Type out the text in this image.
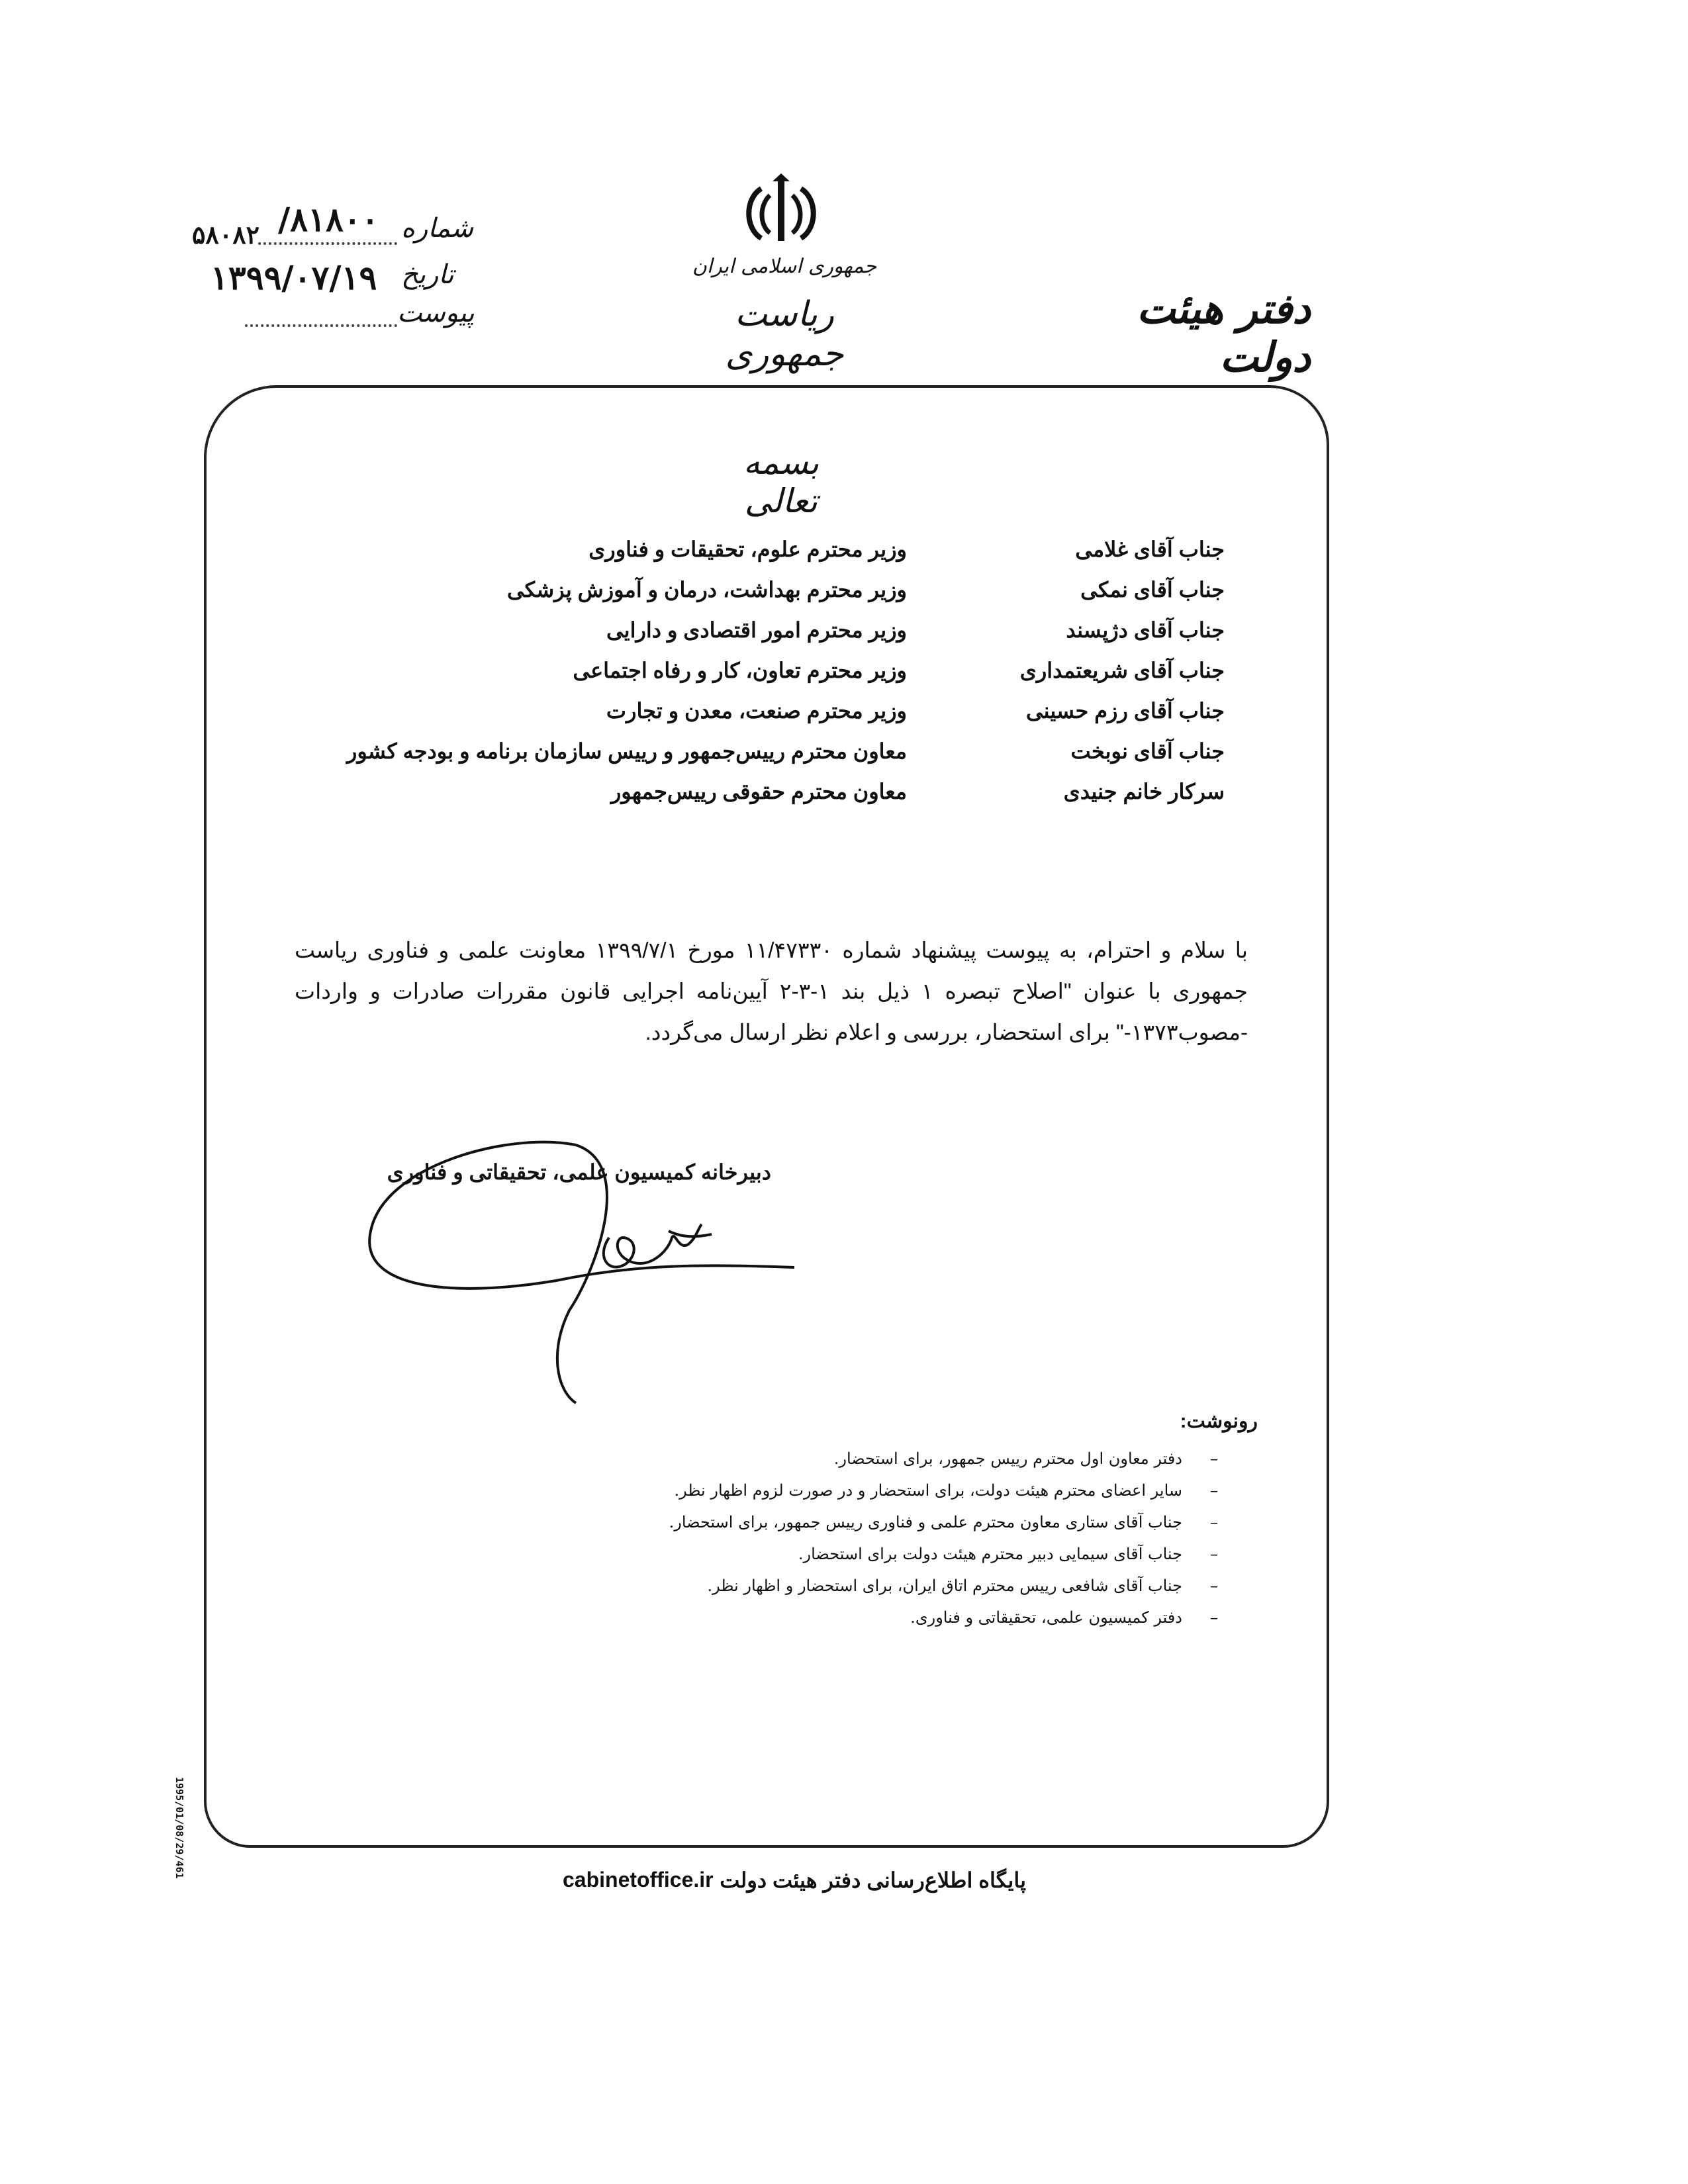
شماره
/۸۱۸۰۰
۵۸۰۸۲
تاریخ
۱۳۹۹/۰۷/۱۹
پیوست
جمهوری اسلامی ایران
ریاست جمهوری
دفتر هیئت دولت
بسمه تعالی
جناب آقای غلامی
وزیر محترم علوم، تحقیقات و فناوری
جناب آقای نمکی
وزیر محترم بهداشت، درمان و آموزش پزشکی
جناب آقای دژپسند
وزیر محترم امور اقتصادی و دارایی
جناب آقای شریعتمداری
وزیر محترم تعاون، کار و رفاه اجتماعی
جناب آقای رزم حسینی
وزیر محترم صنعت، معدن و تجارت
جناب آقای نوبخت
معاون محترم رییس‌جمهور و رییس سازمان برنامه و بودجه کشور
سرکار خانم جنیدی
معاون محترم حقوقی رییس‌جمهور
با سلام و احترام، به پیوست پیشنهاد شماره ۱۱/۴۷۳۳۰ مورخ ۱۳۹۹/۷/۱ معاونت علمی و فناوری ریاست جمهوری با عنوان "اصلاح تبصره ۱ ذیل بند ۱-۳-۲ آیین‌نامه اجرایی قانون مقررات صادرات و واردات -مصوب۱۳۷۳-" برای استحضار، بررسی و اعلام نظر ارسال می‌گردد.
دبیرخانه کمیسیون علمی، تحقیقاتی و فناوری
رونوشت:
–دفتر معاون اول محترم رییس جمهور، برای استحضار.
–سایر اعضای محترم هیئت دولت، برای استحضار و در صورت لزوم اظهار نظر.
–جناب آقای ستاری معاون محترم علمی و فناوری رییس جمهور، برای استحضار.
–جناب آقای سیمایی دبیر محترم هیئت دولت برای استحضار.
–جناب آقای شافعی رییس محترم اتاق ایران، برای استحضار و اظهار نظر.
–دفتر کمیسیون علمی، تحقیقاتی و فناوری.
پایگاه اطلاع‌رسانی دفتر هیئت دولت
cabinetoffice.ir
1995/01/08/29/461
